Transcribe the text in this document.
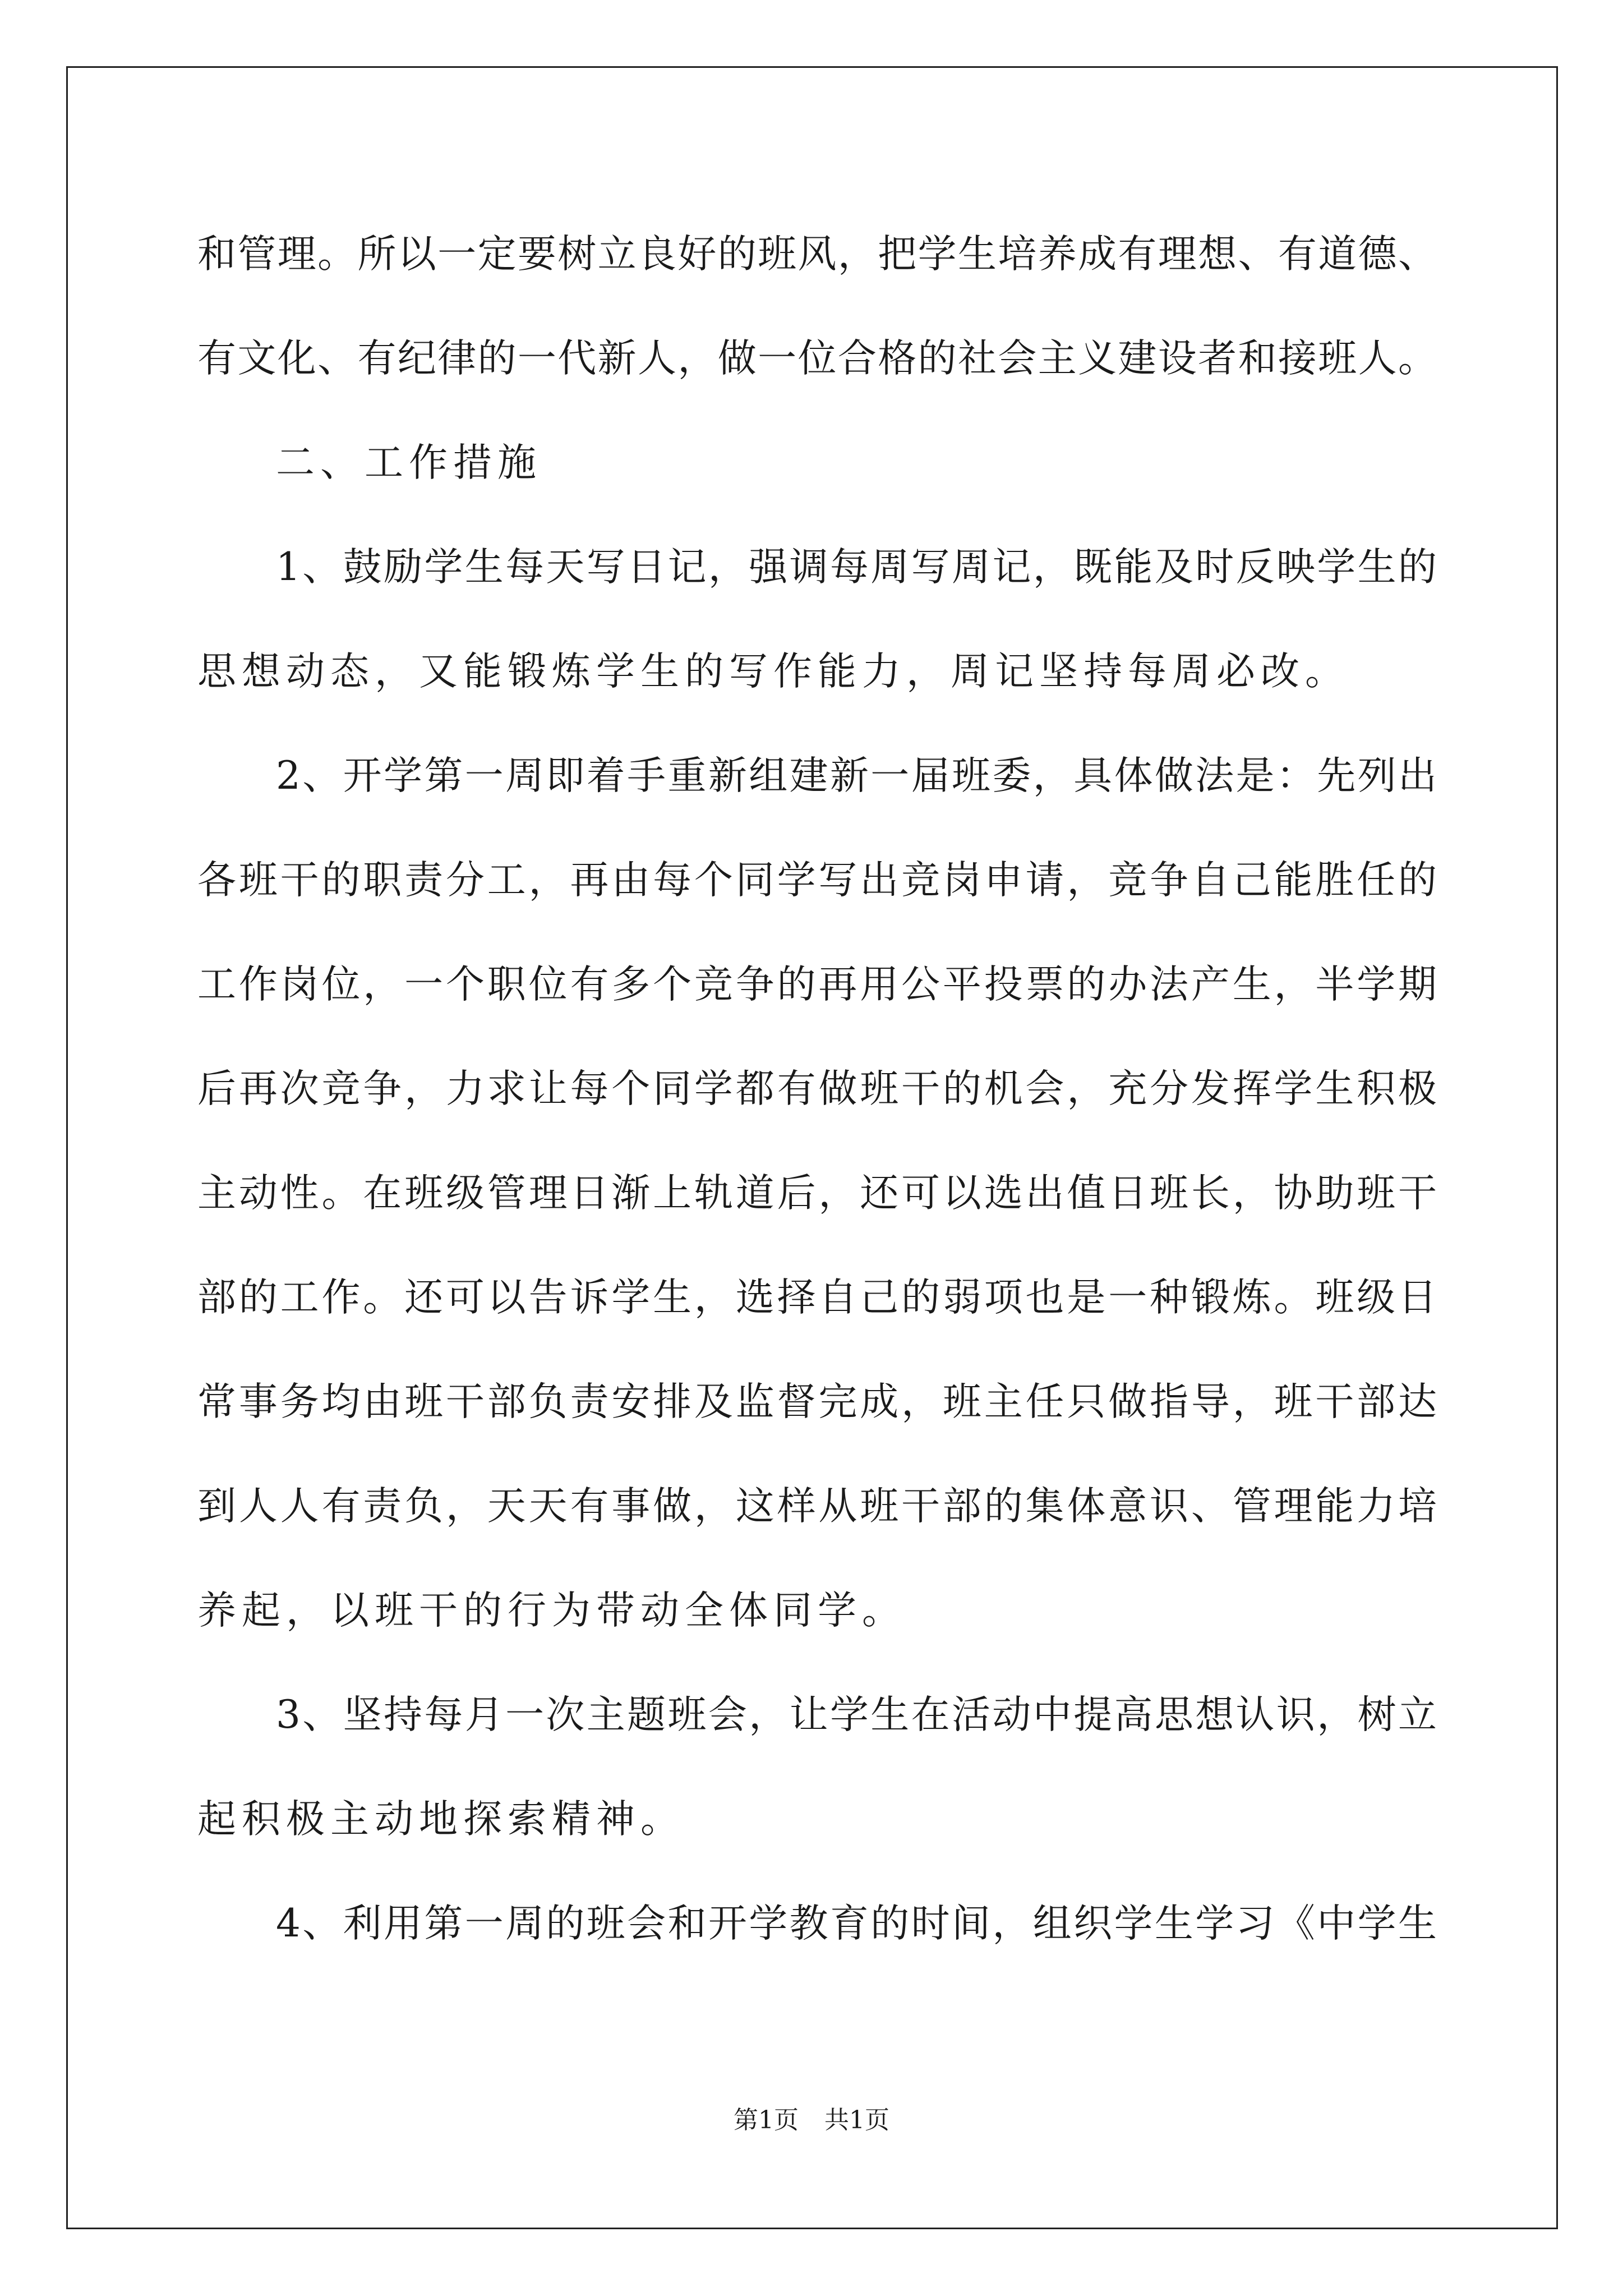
和管理。所以一定要树立良好的班风，把学生培养成有理想、有道德、
有文化、有纪律的一代新人，做一位合格的社会主义建设者和接班人。
二、工作措施
1、鼓励学生每天写日记，强调每周写周记，既能及时反映学生的
思想动态，又能锻炼学生的写作能力，周记坚持每周必改。
2、开学第一周即着手重新组建新一届班委，具体做法是：先列出
各班干的职责分工，再由每个同学写出竞岗申请，竞争自己能胜任的
工作岗位，一个职位有多个竞争的再用公平投票的办法产生，半学期
后再次竞争，力求让每个同学都有做班干的机会，充分发挥学生积极
主动性。在班级管理日渐上轨道后，还可以选出值日班长，协助班干
部的工作。还可以告诉学生，选择自己的弱项也是一种锻炼。班级日
常事务均由班干部负责安排及监督完成，班主任只做指导，班干部达
到人人有责负，天天有事做，这样从班干部的集体意识、管理能力培
养起，以班干的行为带动全体同学。
3、坚持每月一次主题班会，让学生在活动中提高思想认识，树立
起积极主动地探索精神。
4、利用第一周的班会和开学教育的时间，组织学生学习《中学生
第1页 共1页
